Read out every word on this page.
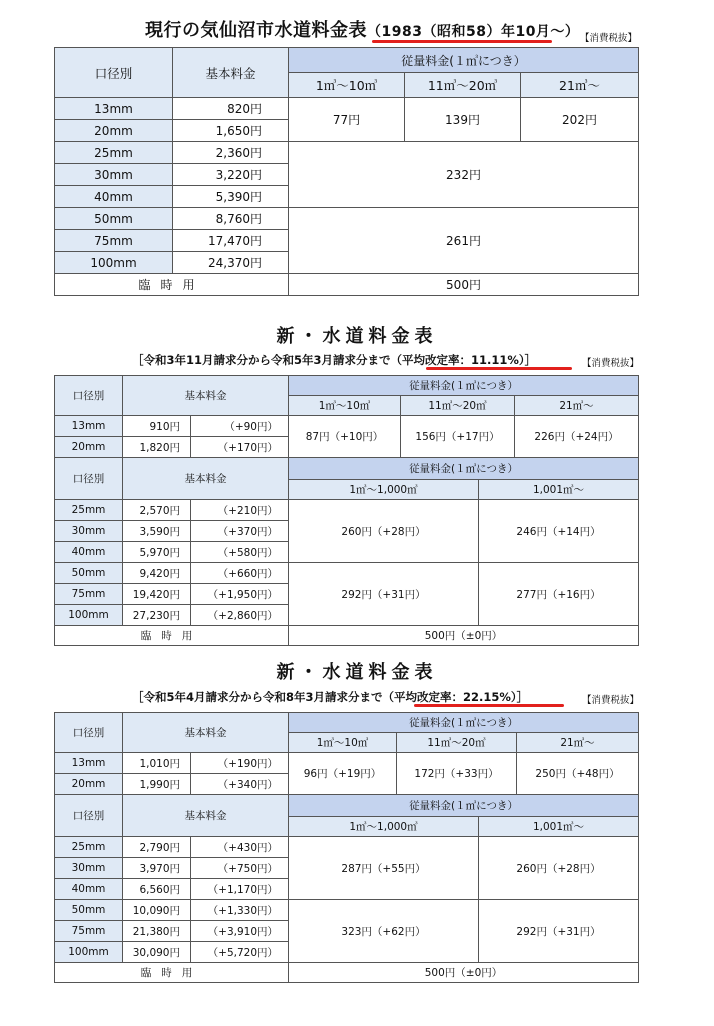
現行の気仙沼市水道料金表（1983（昭和58）年10月～） 【消費税抜】
口径別	基本料金	従量料金(１㎥につき）		
		1㎥～10㎥	11㎥～20㎥	21㎥～
13mm	820円	77円	139円	202円
20mm	1,650円			
25mm	2,360円	232円		
30mm	3,220円			
40mm	5,390円			
50mm	8,760円	261円		
75mm	17,470円			
100mm	24,370円			
臨時用		500円		
新・水道料金表
［令和3年11月請求分から令和5年3月請求分まで（平均改定率：11.11%）］	【消費税抜】
口径別	基本料金		従量料金(１㎥につき）			
			1㎥～10㎥	11㎥～20㎥		21㎥～
13mm	910円	（+90円）	87円（+10円）	156円（+17円）		226円（+24円）
20mm	1,820円	（+170円）				
口径別	基本料金		従量料金(１㎥につき）			
			1㎥～1,000㎥		1,001㎥～	
25mm	2,570円	（+210円）	260円（+28円）		246円（+14円）	
30mm	3,590円	（+370円）				
40mm	5,970円	（+580円）				
50mm	9,420円	（+660円）	292円（+31円）		277円（+16円）	
75mm	19,420円	（+1,950円）				
100mm	27,230円	（+2,860円）				
臨時用			500円（±0円）			
新・水道料金表
［令和5年4月請求分から令和8年3月請求分まで（平均改定率：22.15%）］	【消費税抜】
口径別	基本料金		従量料金(１㎥につき）			
			1㎥～10㎥	11㎥～20㎥		21㎥～
13mm	1,010円	（+190円）	96円（+19円）	172円（+33円）		250円（+48円）
20mm	1,990円	（+340円）				
口径別	基本料金		従量料金(１㎥につき）			
			1㎥～1,000㎥		1,001㎥～	
25mm	2,790円	（+430円）	287円（+55円）		260円（+28円）	
30mm	3,970円	（+750円）				
40mm	6,560円	（+1,170円）				
50mm	10,090円	（+1,330円）	323円（+62円）		292円（+31円）	
75mm	21,380円	（+3,910円）				
100mm	30,090円	（+5,720円）				
臨時用			500円（±0円）			
